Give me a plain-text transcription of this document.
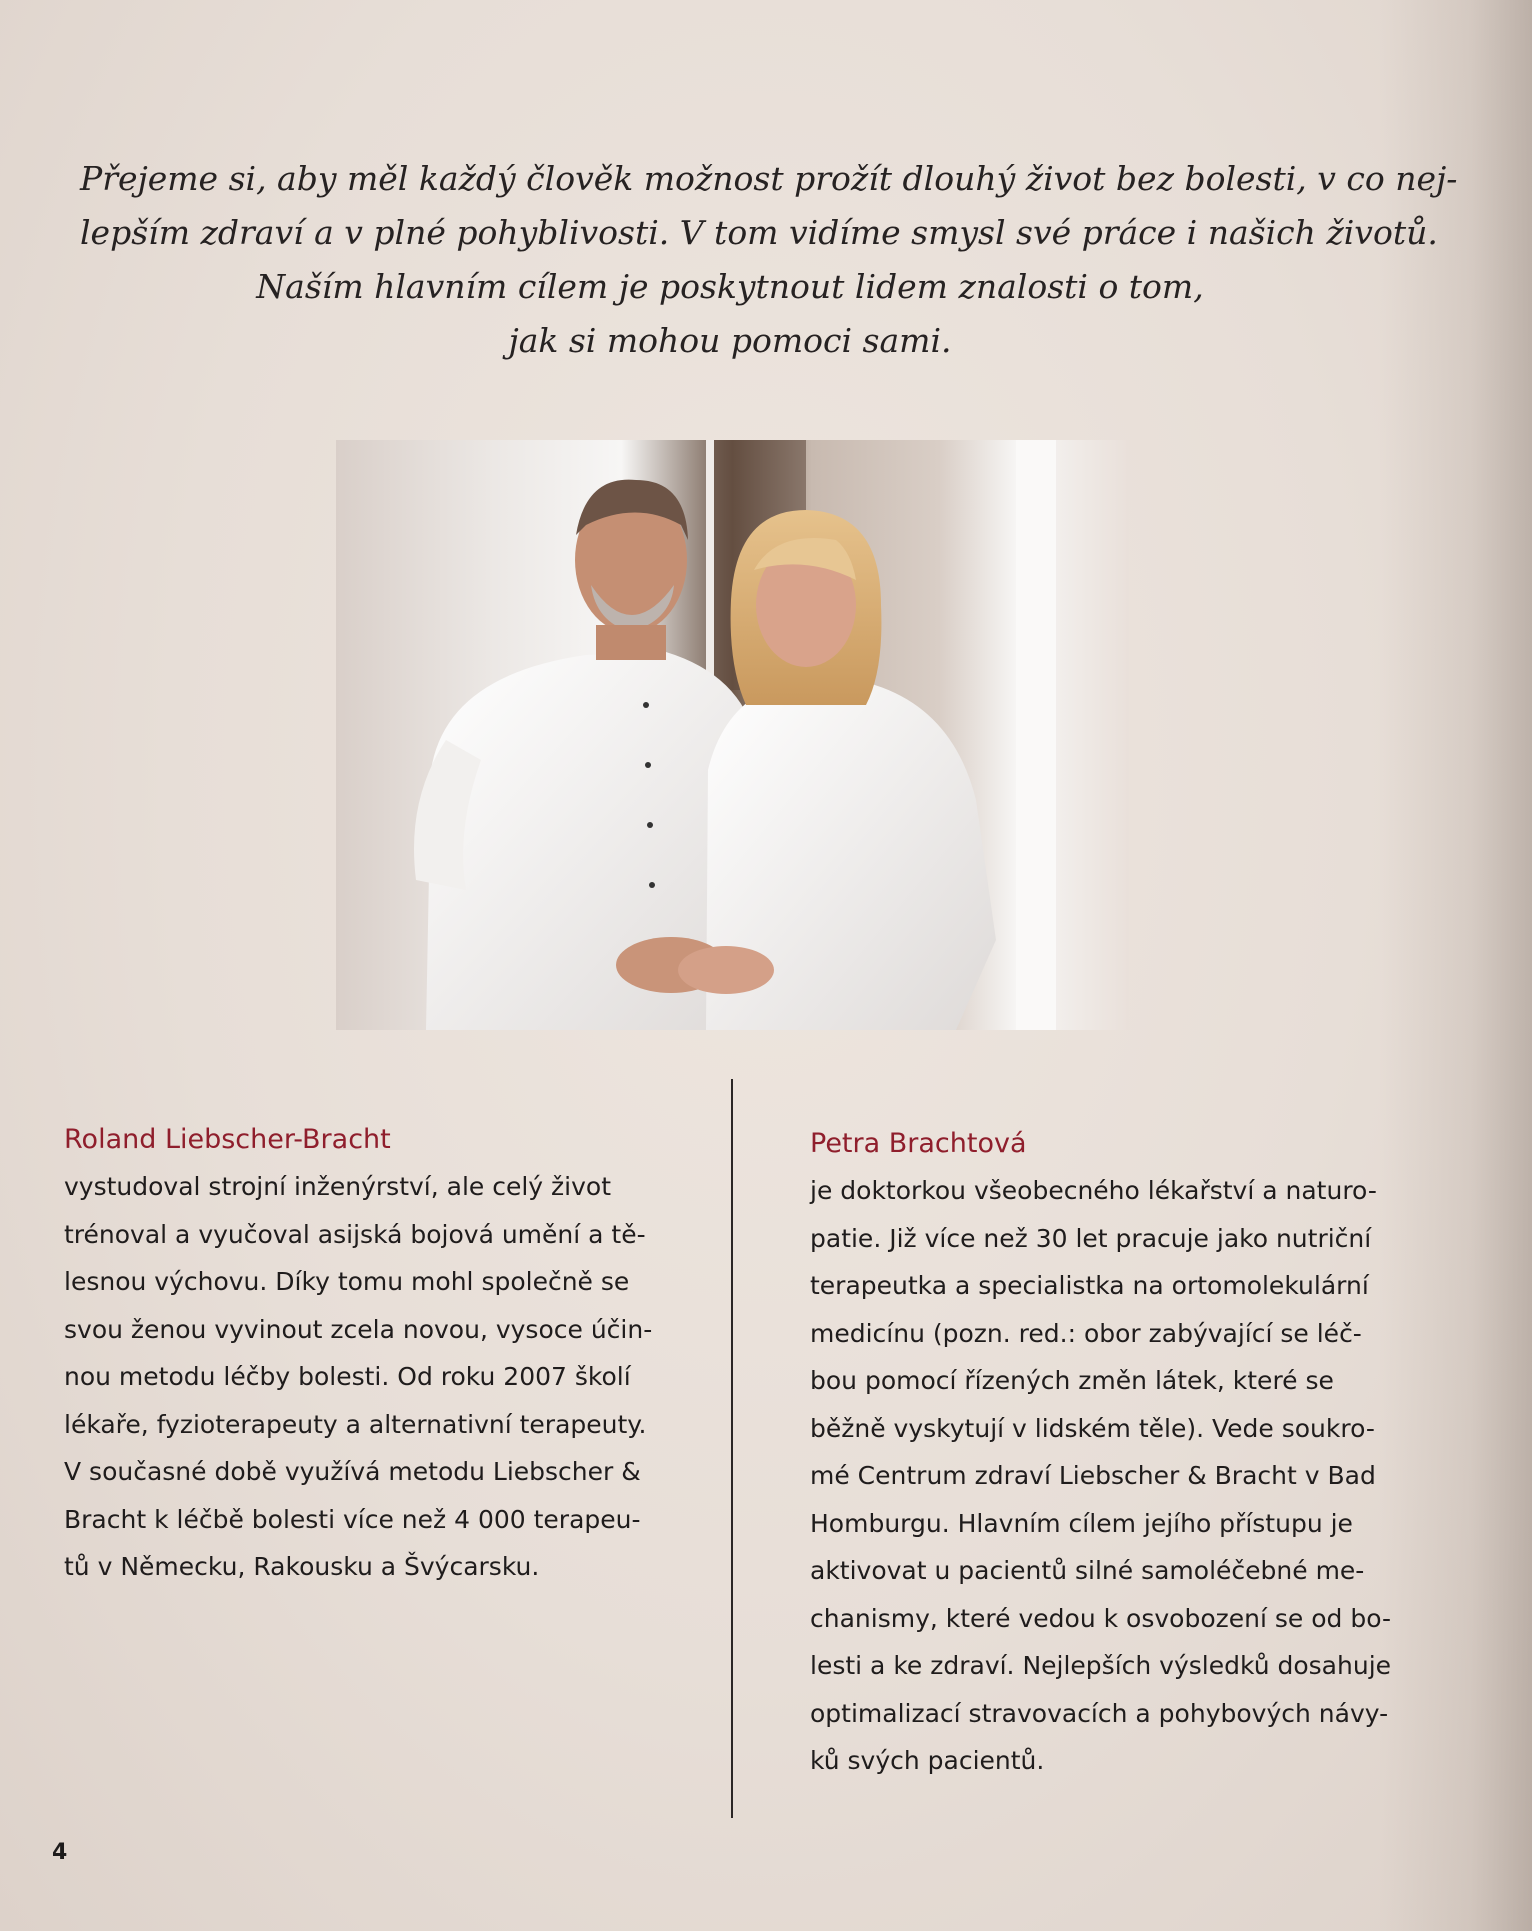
Přejeme si, aby měl každý člověk možnost prožít dlouhý život bez bolesti, v co nej-
lepším zdraví a v plné pohyblivosti. V tom vidíme smysl své práce i našich životů.
Naším hlavním cílem je poskytnout lidem znalosti o tom,
jak si mohou pomoci sami.
Roland Liebscher-Bracht
vystudoval strojní inženýrství, ale celý život
trénoval a vyučoval asijská bojová umění a tě-
lesnou výchovu. Díky tomu mohl společně se
svou ženou vyvinout zcela novou, vysoce účin-
nou metodu léčby bolesti. Od roku 2007 školí
lékaře, fyzioterapeuty a alternativní terapeuty.
V současné době využívá metodu Liebscher &
Bracht k léčbě bolesti více než 4 000 terapeu-
tů v Německu, Rakousku a Švýcarsku.
Petra Brachtová
je doktorkou všeobecného lékařství a naturo-
patie. Již více než 30 let pracuje jako nutriční
terapeutka a specialistka na ortomolekulární
medicínu (pozn. red.: obor zabývající se léč-
bou pomocí řízených změn látek, které se
běžně vyskytují v lidském těle). Vede soukro-
mé Centrum zdraví Liebscher & Bracht v Bad
Homburgu. Hlavním cílem jejího přístupu je
aktivovat u pacientů silné samoléčebné me-
chanismy, které vedou k osvobození se od bo-
lesti a ke zdraví. Nejlepších výsledků dosahuje
optimalizací stravovacích a pohybových návy-
ků svých pacientů.
4
